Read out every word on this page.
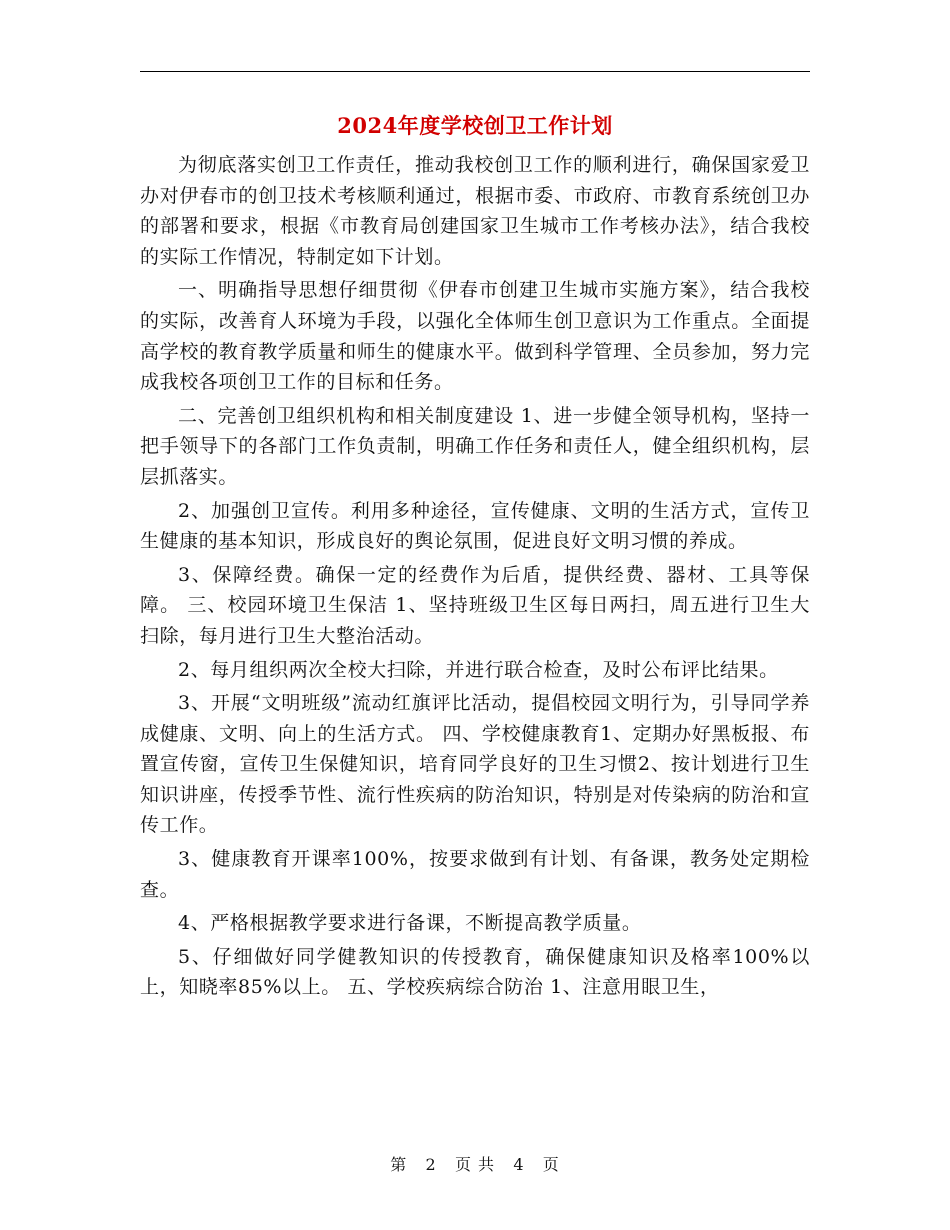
2024年度学校创卫工作计划

为彻底落实创卫工作责任，推动我校创卫工作的顺利进行，确保国家爱卫办对伊春市的创卫技术考核顺利通过，根据市委、市政府、市教育系统创卫办的部署和要求，根据《市教育局创建国家卫生城市工作考核办法》，结合我校的实际工作情况，特制定如下计划。

一、明确指导思想仔细贯彻《伊春市创建卫生城市实施方案》，结合我校的实际，改善育人环境为手段，以强化全体师生创卫意识为工作重点。全面提高学校的教育教学质量和师生的健康水平。做到科学管理、全员参加，努力完成我校各项创卫工作的目标和任务。

二、完善创卫组织机构和相关制度建设 1、进一步健全领导机构，坚持一把手领导下的各部门工作负责制，明确工作任务和责任人，健全组织机构，层层抓落实。

2、加强创卫宣传。利用多种途径，宣传健康、文明的生活方式，宣传卫生健康的基本知识，形成良好的舆论氛围，促进良好文明习惯的养成。

3、保障经费。确保一定的经费作为后盾，提供经费、器材、工具等保障。 三、校园环境卫生保洁 1、坚持班级卫生区每日两扫，周五进行卫生大扫除，每月进行卫生大整治活动。

2、每月组织两次全校大扫除，并进行联合检查，及时公布评比结果。

3、开展“文明班级”流动红旗评比活动，提倡校园文明行为，引导同学养成健康、文明、向上的生活方式。 四、学校健康教育1、定期办好黑板报、布置宣传窗，宣传卫生保健知识，培育同学良好的卫生习惯2、按计划进行卫生知识讲座，传授季节性、流行性疾病的防治知识，特别是对传染病的防治和宣传工作。

3、健康教育开课率100%，按要求做到有计划、有备课，教务处定期检查。

4、严格根据教学要求进行备课，不断提高教学质量。

5、仔细做好同学健教知识的传授教育，确保健康知识及格率100%以上，知晓率85%以上。 五、学校疾病综合防治 1、注意用眼卫生，

第 2 页 共 4 页
